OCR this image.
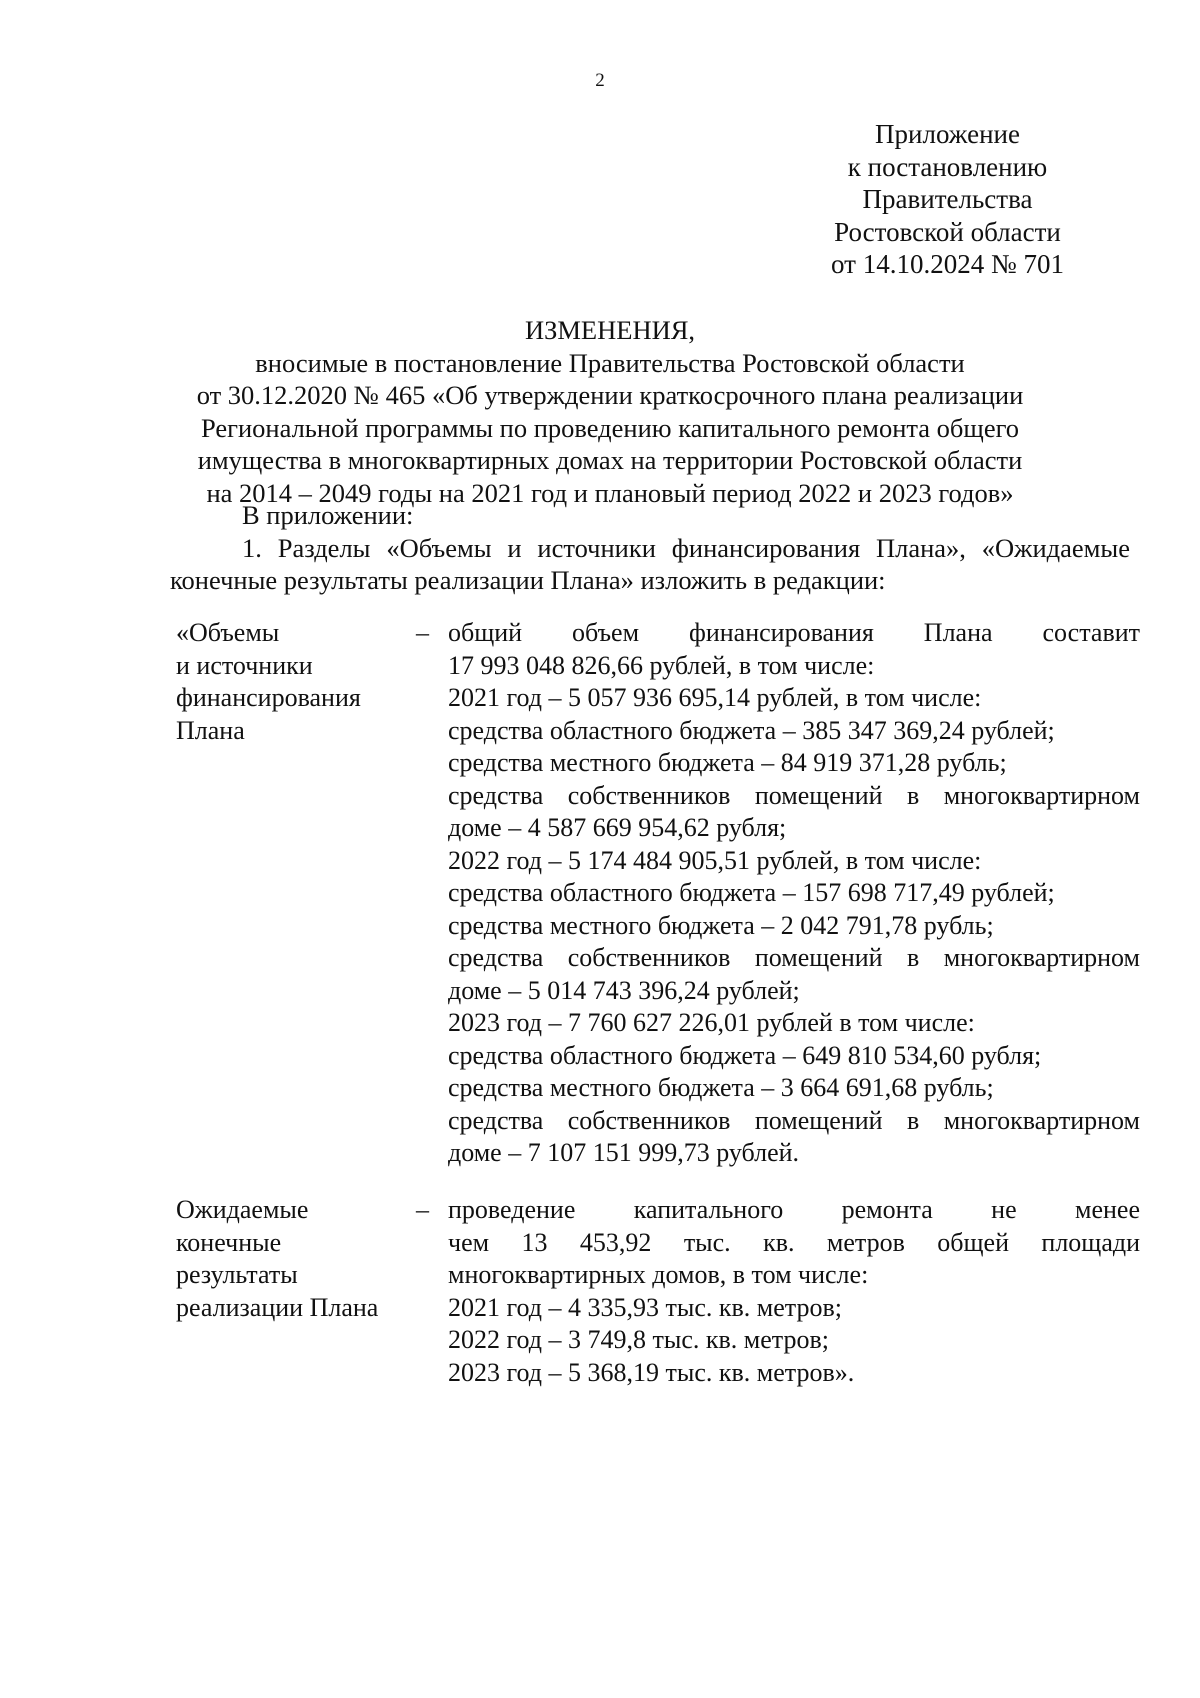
2
Приложение
к постановлению
Правительства
Ростовской области
от 14.10.2024 № 701
ИЗМЕНЕНИЯ,
вносимые в постановление Правительства Ростовской области
от 30.12.2020 № 465 «Об утверждении краткосрочного плана реализации
Региональной программы по проведению капитального ремонта общего
имущества в многоквартирных домах на территории Ростовской области
на 2014 – 2049 годы на 2021 год и плановый период 2022 и 2023 годов»
В приложении:
1. Разделы «Объемы и источники финансирования Плана», «Ожидаемые
конечные результаты реализации Плана» изложить в редакции:
«Объемы
и источники
финансирования
Плана
– общий объем финансирования Плана составит
17 993 048 826,66 рублей, в том числе:
2021 год – 5 057 936 695,14 рублей, в том числе:
средства областного бюджета – 385 347 369,24 рублей;
средства местного бюджета – 84 919 371,28 рубль;
средства собственников помещений в многоквартирном
доме – 4 587 669 954,62 рубля;
2022 год – 5 174 484 905,51 рублей, в том числе:
средства областного бюджета – 157 698 717,49 рублей;
средства местного бюджета – 2 042 791,78 рубль;
средства собственников помещений в многоквартирном
доме – 5 014 743 396,24 рублей;
2023 год – 7 760 627 226,01 рублей в том числе:
средства областного бюджета – 649 810 534,60 рубля;
средства местного бюджета – 3 664 691,68 рубль;
средства собственников помещений в многоквартирном
доме – 7 107 151 999,73 рублей.
Ожидаемые
конечные
результаты
реализации Плана
– проведение капитального ремонта не менее
чем 13 453,92 тыс. кв. метров общей площади
многоквартирных домов, в том числе:
2021 год – 4 335,93 тыс. кв. метров;
2022 год – 3 749,8 тыс. кв. метров;
2023 год – 5 368,19 тыс. кв. метров».
